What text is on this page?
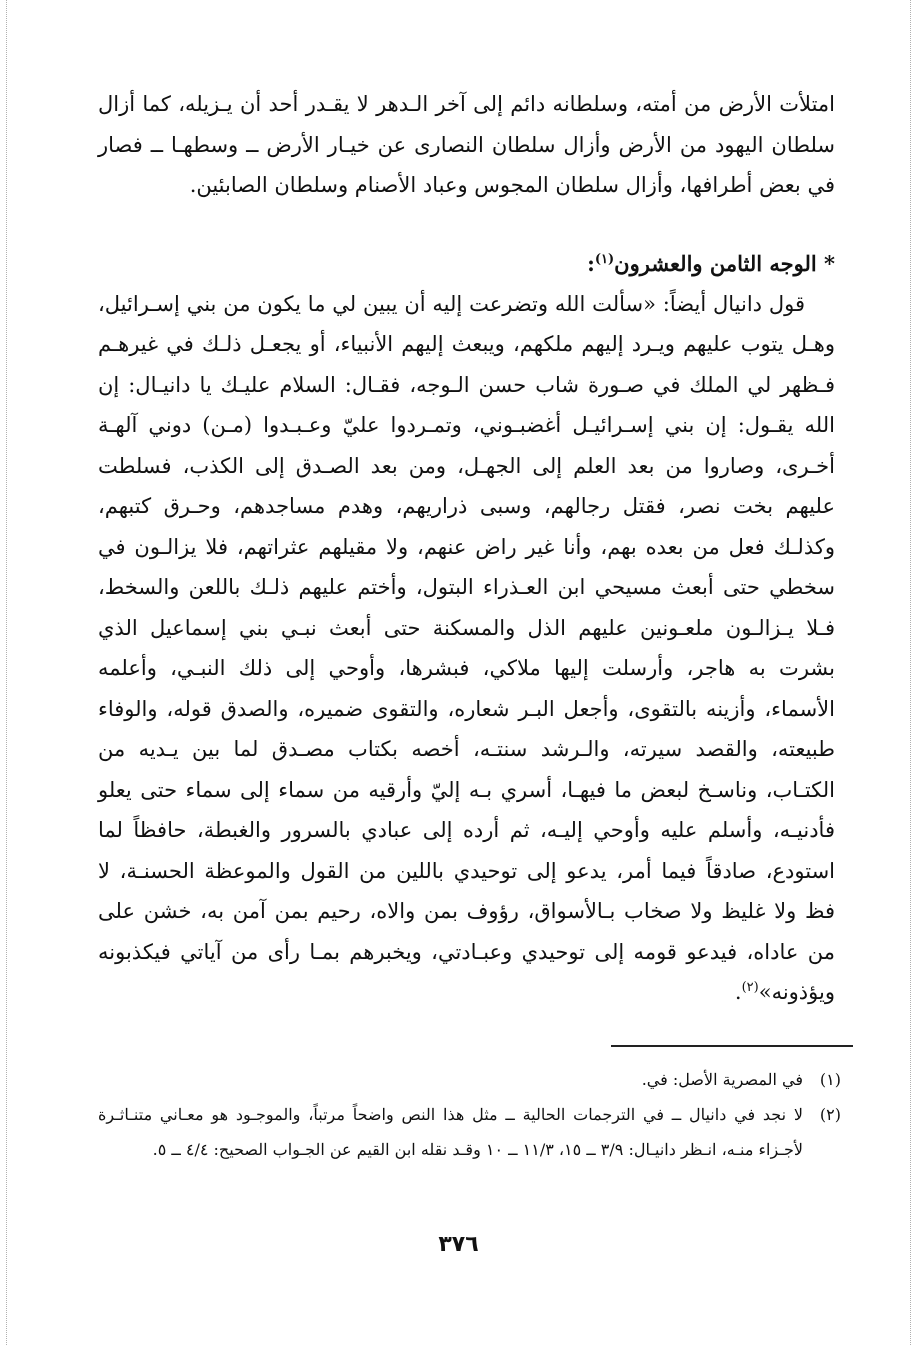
امتلأت الأرض من أمته، وسلطانه دائم إلى آخر الـدهر لا يقـدر أحد أن يـزيله، كما أزال سلطان اليهود من الأرض وأزال سلطان النصارى عن خيـار الأرض ــ وسطهـا ــ فصار في بعض أطرافها، وأزال سلطان المجوس وعباد الأصنام وسلطان الصابئين.

* الوجه الثامن والعشرون$^{(١)}$:

قول دانيال أيضاً: «سألت الله وتضرعت إليه أن يبين لي ما يكون من بني إسـرائيل، وهـل يتوب عليهم ويـرد إليهم ملكهم، ويبعث إليهم الأنبياء، أو يجعـل ذلـك في غيرهـم فـظهر لي الملك في صـورة شاب حسن الـوجه، فقـال: السلام عليـك يا دانيـال: إن الله يقـول: إن بني إسـرائيـل أغضبـوني، وتمـردوا عليّ وعـبـدوا (مـن) دوني آلهـة أخـرى، وصاروا من بعد العلم إلى الجهـل، ومن بعد الصـدق إلى الكذب، فسلطت عليهم بخت نصر، فقتل رجالهم، وسبى ذراريهم، وهدم مساجدهم، وحـرق كتبهم، وكذلـك فعل من بعده بهم، وأنا غير راض عنهم، ولا مقيلهم عثراتهم، فلا يزالـون في سخطي حتى أبعث مسيحي ابن العـذراء البتول، وأختم عليهم ذلـك باللعن والسخط، فـلا يـزالـون ملعـونين عليهم الذل والمسكنة حتى أبعث نبـي بني إسماعيل الذي بشرت به هاجر، وأرسلت إليها ملاكي، فبشرها، وأوحي إلى ذلك النبـي، وأعلمه الأسماء، وأزينه بالتقوى، وأجعل البـر شعاره، والتقوى ضميره، والصدق قوله، والوفاء طبيعته، والقصد سيرته، والـرشد سنتـه، أخصه بكتاب مصـدق لما بين يـديه من الكتـاب، وناسـخ لبعض ما فيهـا، أسري بـه إليّ وأرقيه من سماء إلى سماء حتى يعلو فأدنيـه، وأسلم عليه وأوحي إليـه، ثم أرده إلى عبادي بالسرور والغبطة، حافظاً لما استودع، صادقاً فيما أمر، يدعو إلى توحيدي باللين من القول والموعظة الحسنـة، لا فظ ولا غليظ ولا صخاب بـالأسواق، رؤوف بمن والاه، رحيم بمن آمن به، خشن على من عاداه، فيدعو قومه إلى توحيدي وعبـادتي، ويخبرهم بمـا رأى من آياتي فيكذبونه ويؤذونه»$^{(٢)}$.

(١)
في المصرية الأصل: في.
(٢)
لا نجد في دانيال ــ في الترجمات الحالية ــ مثل هذا النص واضحاً مرتباً، والموجـود هو معـاني متنـاثـرة لأجـزاء منـه، انـظر دانيـال: ٣/٩ ــ ١٥، ١١/٣ ــ ١٠ وقـد نقله ابن القيم عن الجـواب الصحيح: ٤/٤ ــ ٥.
٣٧٦
